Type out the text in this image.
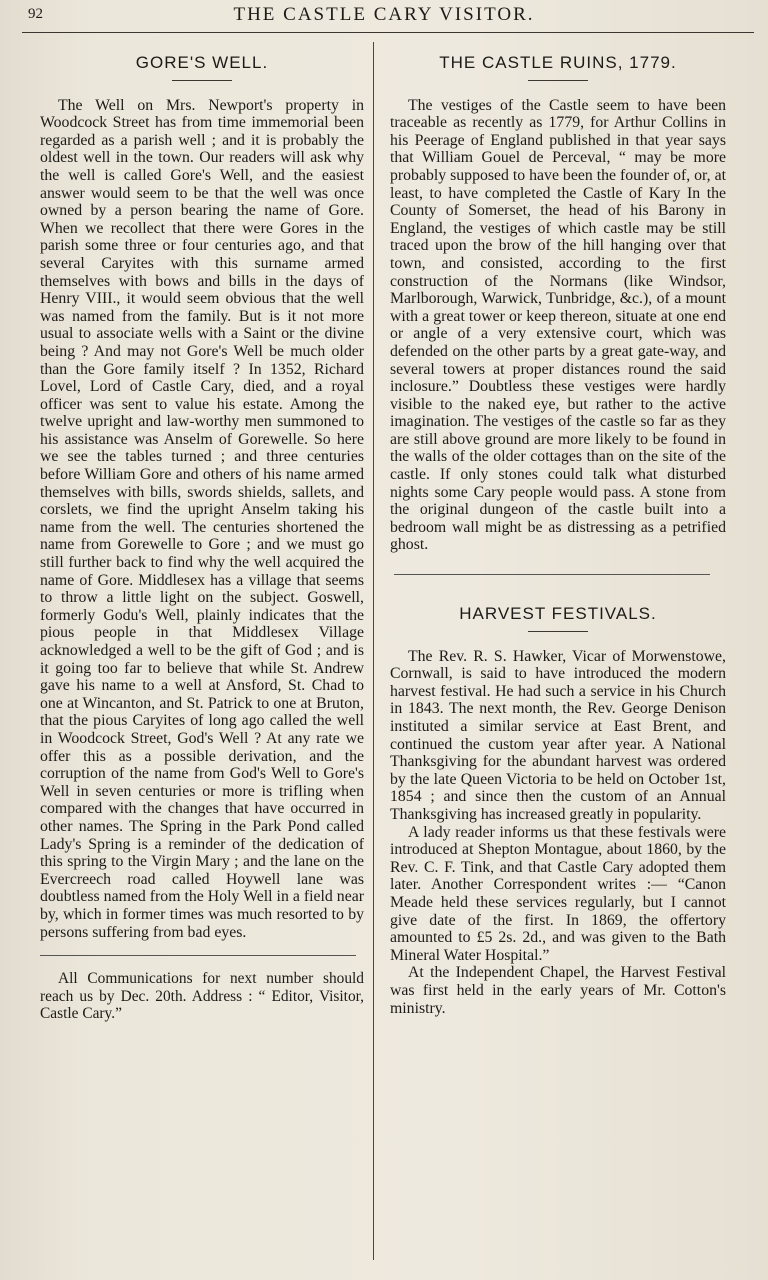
92	THE CASTLE CARY VISITOR.
GORE'S WELL.

The Well on Mrs. Newport's property in Woodcock Street has from time immemorial been regarded as a parish well ; and it is probably the oldest well in the town. Our readers will ask why the well is called Gore's Well, and the easiest answer would seem to be that the well was once owned by a person bearing the name of Gore. When we recollect that there were Gores in the parish some three or four centuries ago, and that several Caryites with this surname armed themselves with bows and bills in the days of Henry VIII., it would seem obvious that the well was named from the family. But is it not more usual to associate wells with a Saint or the divine being ? And may not Gore's Well be much older than the Gore family itself ? In 1352, Richard Lovel, Lord of Castle Cary, died, and a royal officer was sent to value his estate. Among the twelve upright and law-worthy men summoned to his assistance was Anselm of Gorewelle. So here we see the tables turned ; and three centuries before William Gore and others of his name armed themselves with bills, swords shields, sallets, and corslets, we find the upright Anselm taking his name from the well. The centuries shortened the name from Gorewelle to Gore ; and we must go still further back to find why the well acquired the name of Gore. Middlesex has a village that seems to throw a little light on the subject. Goswell, formerly Godu's Well, plainly indicates that the pious people in that Middlesex Village acknowledged a well to be the gift of God ; and is it going too far to believe that while St. Andrew gave his name to a well at Ansford, St. Chad to one at Wincanton, and St. Patrick to one at Bruton, that the pious Caryites of long ago called the well in Woodcock Street, God's Well ? At any rate we offer this as a possible derivation, and the corruption of the name from God's Well to Gore's Well in seven centuries or more is trifling when compared with the changes that have occurred in other names. The Spring in the Park Pond called Lady's Spring is a reminder of the dedication of this spring to the Virgin Mary ; and the lane on the Evercreech road called Hoywell lane was doubtless named from the Holy Well in a field near by, which in former times was much resorted to by persons suffering from bad eyes.

All Communications for next number should reach us by Dec. 20th. Address : “ Editor, Visitor, Castle Cary.”

THE CASTLE RUINS, 1779.

The vestiges of the Castle seem to have been traceable as recently as 1779, for Arthur Collins in his Peerage of England published in that year says that William Gouel de Perceval, “ may be more probably supposed to have been the founder of, or, at least, to have completed the Castle of Kary In the County of Somerset, the head of his Barony in England, the vestiges of which castle may be still traced upon the brow of the hill hanging over that town, and consisted, according to the first construction of the Normans (like Windsor, Marlborough, Warwick, Tunbridge, &c.), of a mount with a great tower or keep thereon, situate at one end or angle of a very extensive court, which was defended on the other parts by a great gate-way, and several towers at proper distances round the said inclosure.” Doubtless these vestiges were hardly visible to the naked eye, but rather to the active imagination. The vestiges of the castle so far as they are still above ground are more likely to be found in the walls of the older cottages than on the site of the castle. If only stones could talk what disturbed nights some Cary people would pass. A stone from the original dungeon of the castle built into a bedroom wall might be as distressing as a petrified ghost.

HARVEST FESTIVALS.

The Rev. R. S. Hawker, Vicar of Morwenstowe, Cornwall, is said to have introduced the modern harvest festival. He had such a service in his Church in 1843. The next month, the Rev. George Denison instituted a similar service at East Brent, and continued the custom year after year. A National Thanksgiving for the abundant harvest was ordered by the late Queen Victoria to be held on October 1st, 1854 ; and since then the custom of an Annual Thanksgiving has increased greatly in popularity.

A lady reader informs us that these festivals were introduced at Shepton Montague, about 1860, by the Rev. C. F. Tink, and that Castle Cary adopted them later. Another Correspondent writes :— “Canon Meade held these services regularly, but I cannot give date of the first. In 1869, the offertory amounted to £5 2s. 2d., and was given to the Bath Mineral Water Hospital.”

At the Independent Chapel, the Harvest Festival was first held in the early years of Mr. Cotton's ministry.
